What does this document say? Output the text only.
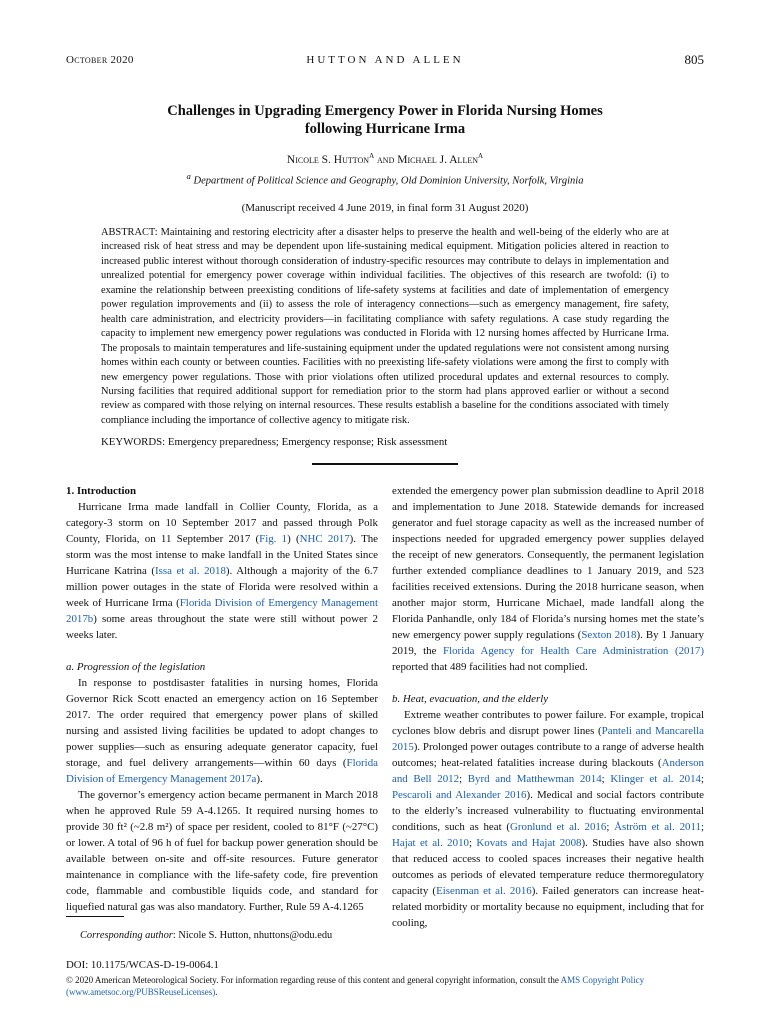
October 2020	HUTTON AND ALLEN	805
Challenges in Upgrading Emergency Power in Florida Nursing Homes
following Hurricane Irma
Nicole S. Hutton$^a$ and Michael J. Allen$^a$
$^a$ Department of Political Science and Geography, Old Dominion University, Norfolk, Virginia
(Manuscript received 4 June 2019, in final form 31 August 2020)
ABSTRACT: Maintaining and restoring electricity after a disaster helps to preserve the health and well-being of the elderly who are at increased risk of heat stress and may be dependent upon life-sustaining medical equipment. Mitigation policies altered in reaction to increased public interest without thorough consideration of industry-specific resources may contribute to delays in implementation and unrealized potential for emergency power coverage within individual facilities. The objectives of this research are twofold: (i) to examine the relationship between preexisting conditions of life-safety systems at facilities and date of implementation of emergency power regulation improvements and (ii) to assess the role of interagency connections—such as emergency management, fire safety, health care administration, and electricity providers—in facilitating compliance with safety regulations. A case study regarding the capacity to implement new emergency power regulations was conducted in Florida with 12 nursing homes affected by Hurricane Irma. The proposals to maintain temperatures and life-sustaining equipment under the updated regulations were not consistent among nursing homes within each county or between counties. Facilities with no preexisting life-safety violations were among the first to comply with new emergency power regulations. Those with prior violations often utilized procedural updates and external resources to comply. Nursing facilities that required additional support for remediation prior to the storm had plans approved earlier or without a second review as compared with those relying on internal resources. These results establish a baseline for the conditions associated with timely compliance including the importance of collective agency to mitigate risk.
KEYWORDS: Emergency preparedness; Emergency response; Risk assessment

1. Introduction

Hurricane Irma made landfall in Collier County, Florida, as a category-3 storm on 10 September 2017 and passed through Polk County, Florida, on 11 September 2017 (Fig. 1) (NHC 2017). The storm was the most intense to make landfall in the United States since Hurricane Katrina (Issa et al. 2018). Although a majority of the 6.7 million power outages in the state of Florida were resolved within a week of Hurricane Irma (Florida Division of Emergency Management 2017b) some areas throughout the state were still without power 2 weeks later.

a. Progression of the legislation

In response to postdisaster fatalities in nursing homes, Florida Governor Rick Scott enacted an emergency action on 16 September 2017. The order required that emergency power plans of skilled nursing and assisted living facilities be updated to adopt changes to power supplies—such as ensuring adequate generator capacity, fuel storage, and fuel delivery arrangements—within 60 days (Florida Division of Emergency Management 2017a).

The governor’s emergency action became permanent in March 2018 when he approved Rule 59 A-4.1265. It required nursing homes to provide 30 ft² (~2.8 m²) of space per resident, cooled to 81°F (~27°C) or lower. A total of 96 h of fuel for backup power generation should be available between on-site and off-site resources. Future generator maintenance in compliance with the life-safety code, fire prevention code, flammable and combustible liquids code, and standard for liquefied natural gas was also mandatory. Further, Rule 59 A-4.1265

Corresponding author: Nicole S. Hutton, nhuttons@odu.edu

extended the emergency power plan submission deadline to April 2018 and implementation to June 2018. Statewide demands for increased generator and fuel storage capacity as well as the increased number of inspections needed for upgraded emergency power supplies delayed the receipt of new generators. Consequently, the permanent legislation further extended compliance deadlines to 1 January 2019, and 523 facilities received extensions. During the 2018 hurricane season, when another major storm, Hurricane Michael, made landfall along the Florida Panhandle, only 184 of Florida’s nursing homes met the state’s new emergency power supply regulations (Sexton 2018). By 1 January 2019, the Florida Agency for Health Care Administration (2017) reported that 489 facilities had not complied.

b. Heat, evacuation, and the elderly

Extreme weather contributes to power failure. For example, tropical cyclones blow debris and disrupt power lines (Panteli and Mancarella 2015). Prolonged power outages contribute to a range of adverse health outcomes; heat-related fatalities increase during blackouts (Anderson and Bell 2012; Byrd and Matthewman 2014; Klinger et al. 2014; Pescaroli and Alexander 2016). Medical and social factors contribute to the elderly’s increased vulnerability to fluctuating environmental conditions, such as heat (Gronlund et al. 2016; Åström et al. 2011; Hajat et al. 2010; Kovats and Hajat 2008). Studies have also shown that reduced access to cooled spaces increases their negative health outcomes as periods of elevated temperature reduce thermoregulatory capacity (Eisenman et al. 2016). Failed generators can increase heat-related morbidity or mortality because no equipment, including that for cooling,

DOI: 10.1175/WCAS-D-19-0064.1
© 2020 American Meteorological Society. For information regarding reuse of this content and general copyright information, consult the AMS Copyright Policy (www.ametsoc.org/PUBSReuseLicenses).
